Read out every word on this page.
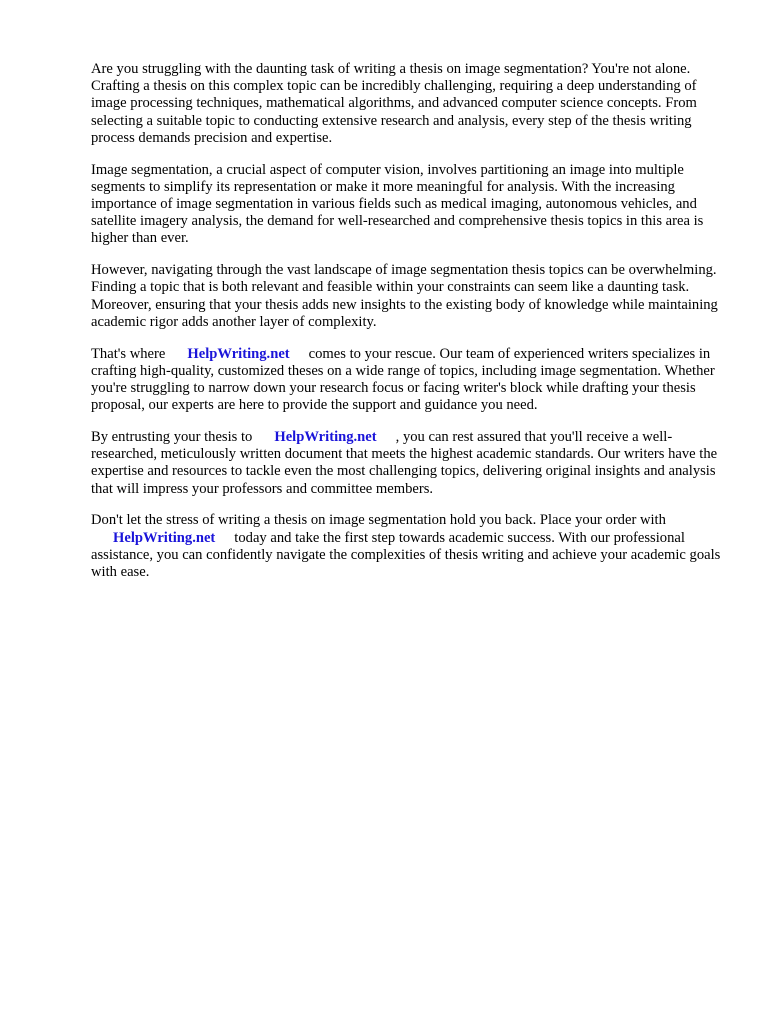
Are you struggling with the daunting task of writing a thesis on image segmentation? You're not alone. Crafting a thesis on this complex topic can be incredibly challenging, requiring a deep understanding of image processing techniques, mathematical algorithms, and advanced computer science concepts. From selecting a suitable topic to conducting extensive research and analysis, every step of the thesis writing process demands precision and expertise.

Image segmentation, a crucial aspect of computer vision, involves partitioning an image into multiple segments to simplify its representation or make it more meaningful for analysis. With the increasing importance of image segmentation in various fields such as medical imaging, autonomous vehicles, and satellite imagery analysis, the demand for well-researched and comprehensive thesis topics in this area is higher than ever.

However, navigating through the vast landscape of image segmentation thesis topics can be overwhelming. Finding a topic that is both relevant and feasible within your constraints can seem like a daunting task. Moreover, ensuring that your thesis adds new insights to the existing body of knowledge while maintaining academic rigor adds another layer of complexity.

That's where HelpWriting.net comes to your rescue. Our team of experienced writers specializes in crafting high-quality, customized theses on a wide range of topics, including image segmentation. Whether you're struggling to narrow down your research focus or facing writer's block while drafting your thesis proposal, our experts are here to provide the support and guidance you need.

By entrusting your thesis to HelpWriting.net , you can rest assured that you'll receive a well-researched, meticulously written document that meets the highest academic standards. Our writers have the expertise and resources to tackle even the most challenging topics, delivering original insights and analysis that will impress your professors and committee members.

Don't let the stress of writing a thesis on image segmentation hold you back. Place your order with
HelpWriting.net today and take the first step towards academic success. With our professional assistance, you can confidently navigate the complexities of thesis writing and achieve your academic goals with ease.
